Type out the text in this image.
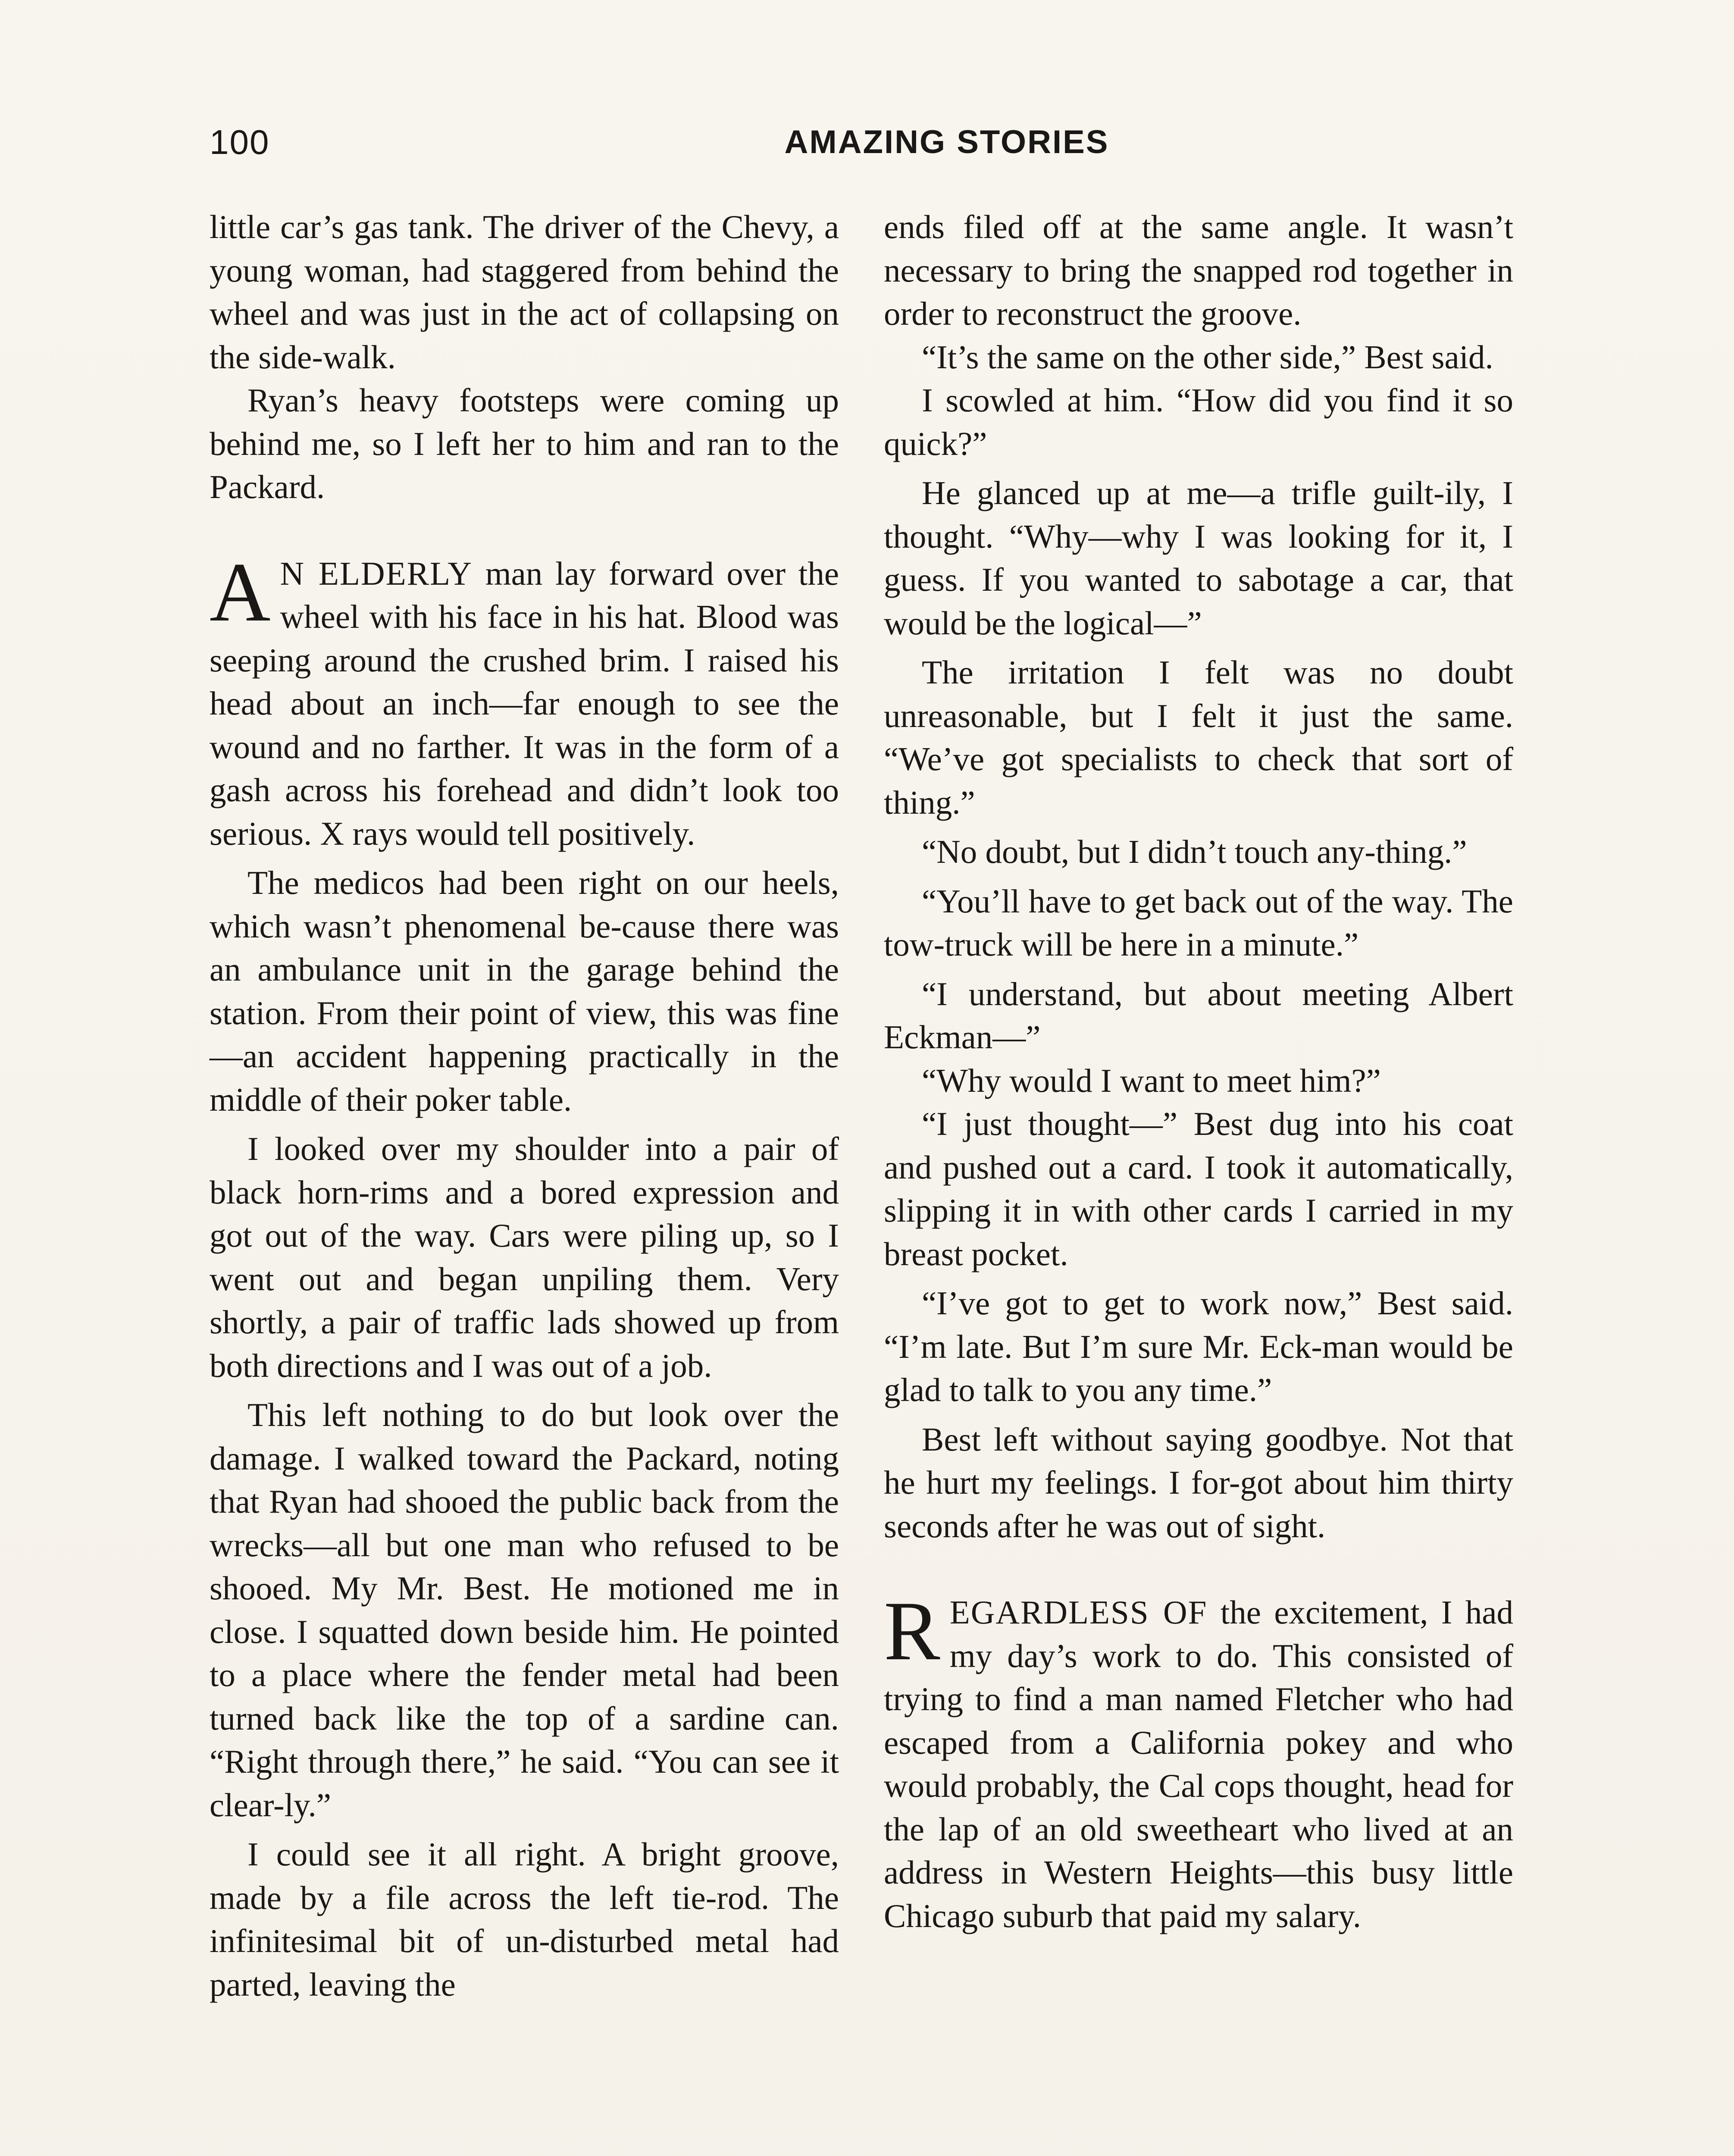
100	AMAZING STORIES

little car’s gas tank. The driver of the Chevy, a young woman, had staggered from behind the wheel and was just in the act of collapsing on the side-walk.

Ryan’s heavy footsteps were coming up behind me, so I left her to him and ran to the Packard.

A N ELDERLY man lay forward over the wheel with his face in his hat. Blood was seeping around the crushed brim. I raised his head about an inch—far enough to see the wound and no farther. It was in the form of a gash across his forehead and didn’t look too serious. X rays would tell positively.

The medicos had been right on our heels, which wasn’t phenomenal be-cause there was an ambulance unit in the garage behind the station. From their point of view, this was fine—an accident happening practically in the middle of their poker table.

I looked over my shoulder into a pair of black horn-rims and a bored expression and got out of the way. Cars were piling up, so I went out and began unpiling them. Very shortly, a pair of traffic lads showed up from both directions and I was out of a job.

This left nothing to do but look over the damage. I walked toward the Packard, noting that Ryan had shooed the public back from the wrecks—all but one man who refused to be shooed. My Mr. Best. He motioned me in close. I squatted down beside him. He pointed to a place where the fender metal had been turned back like the top of a sardine can. “Right through there,” he said. “You can see it clear-ly.”

I could see it all right. A bright groove, made by a file across the left tie-rod. The infinitesimal bit of un-disturbed metal had parted, leaving the

ends filed off at the same angle. It wasn’t necessary to bring the snapped rod together in order to reconstruct the groove.

“It’s the same on the other side,” Best said.

I scowled at him. “How did you find it so quick?”

He glanced up at me—a trifle guilt-ily, I thought. “Why—why I was looking for it, I guess. If you wanted to sabotage a car, that would be the logical—”

The irritation I felt was no doubt unreasonable, but I felt it just the same. “We’ve got specialists to check that sort of thing.”

“No doubt, but I didn’t touch any-thing.”

“You’ll have to get back out of the way. The tow-truck will be here in a minute.”

“I understand, but about meeting Albert Eckman—”

“Why would I want to meet him?”

“I just thought—” Best dug into his coat and pushed out a card. I took it automatically, slipping it in with other cards I carried in my breast pocket.

“I’ve got to get to work now,” Best said. “I’m late. But I’m sure Mr. Eck-man would be glad to talk to you any time.”

Best left without saying goodbye. Not that he hurt my feelings. I for-got about him thirty seconds after he was out of sight.

REGARDLESS OF the excitement, I had my day’s work to do. This consisted of trying to find a man named Fletcher who had escaped from a California pokey and who would probably, the Cal cops thought, head for the lap of an old sweetheart who lived at an address in Western Heights—this busy little Chicago suburb that paid my salary.
